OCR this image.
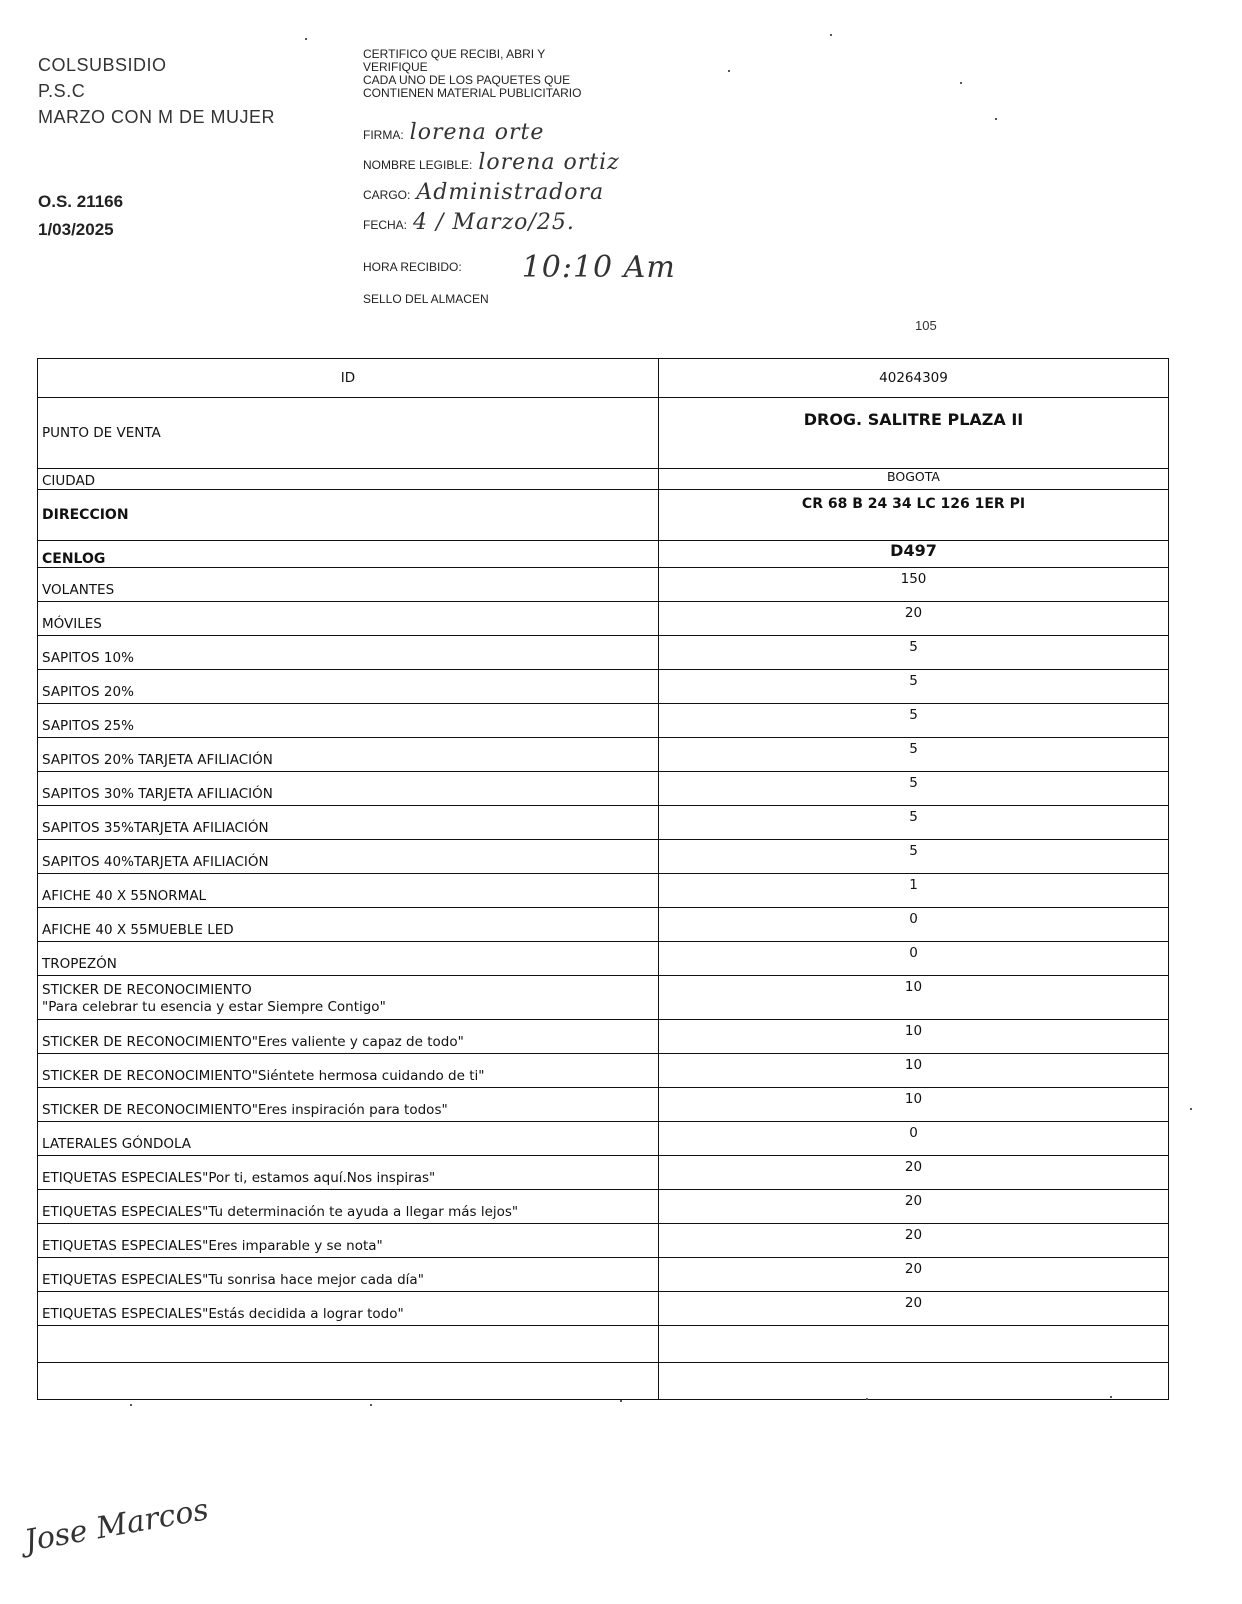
COLSUBSIDIO
P.S.C
MARZO CON M DE MUJER
O.S. 21166
1/03/2025
CERTIFICO QUE RECIBI, ABRI Y
VERIFIQUE
CADA UNO DE LOS PAQUETES QUE
CONTIENEN MATERIAL PUBLICITARIO
FIRMA: lorena orte
NOMBRE LEGIBLE: lorena ortiz
CARGO: Administradora
FECHA: 4 / Marzo/25.
HORA RECIBIDO: 10:10 Am
SELLO DEL ALMACEN
105
ID	40264309
PUNTO DE VENTA	DROG. SALITRE PLAZA II
CIUDAD	BOGOTA
DIRECCION	CR 68 B 24 34 LC 126 1ER PI
CENLOG	D497

VOLANTES	150

MÓVILES	20

SAPITOS 10%	5

SAPITOS 20%	5

SAPITOS 25%	5

SAPITOS 20% TARJETA AFILIACIÓN	5

SAPITOS 30% TARJETA AFILIACIÓN	5

SAPITOS 35%TARJETA AFILIACIÓN	5

SAPITOS 40%TARJETA AFILIACIÓN	5

AFICHE 40 X 55NORMAL	1

AFICHE 40 X 55MUEBLE LED	0

TROPEZÓN	0

STICKER DE RECONOCIMIENTO
"Para celebrar tu esencia y estar Siempre Contigo"	10

STICKER DE RECONOCIMIENTO"Eres valiente y capaz de todo"	10

STICKER DE RECONOCIMIENTO"Siéntete hermosa cuidando de ti"	10

STICKER DE RECONOCIMIENTO"Eres inspiración para todos"	10

LATERALES GÓNDOLA	0

ETIQUETAS ESPECIALES"Por ti, estamos aquí.Nos inspiras"	20

ETIQUETAS ESPECIALES"Tu determinación te ayuda a llegar más lejos"	20

ETIQUETAS ESPECIALES"Eres imparable y se nota"	20

ETIQUETAS ESPECIALES"Tu sonrisa hace mejor cada día"	20

ETIQUETAS ESPECIALES"Estás decidida a lograr todo"	20

Jose Marcos
